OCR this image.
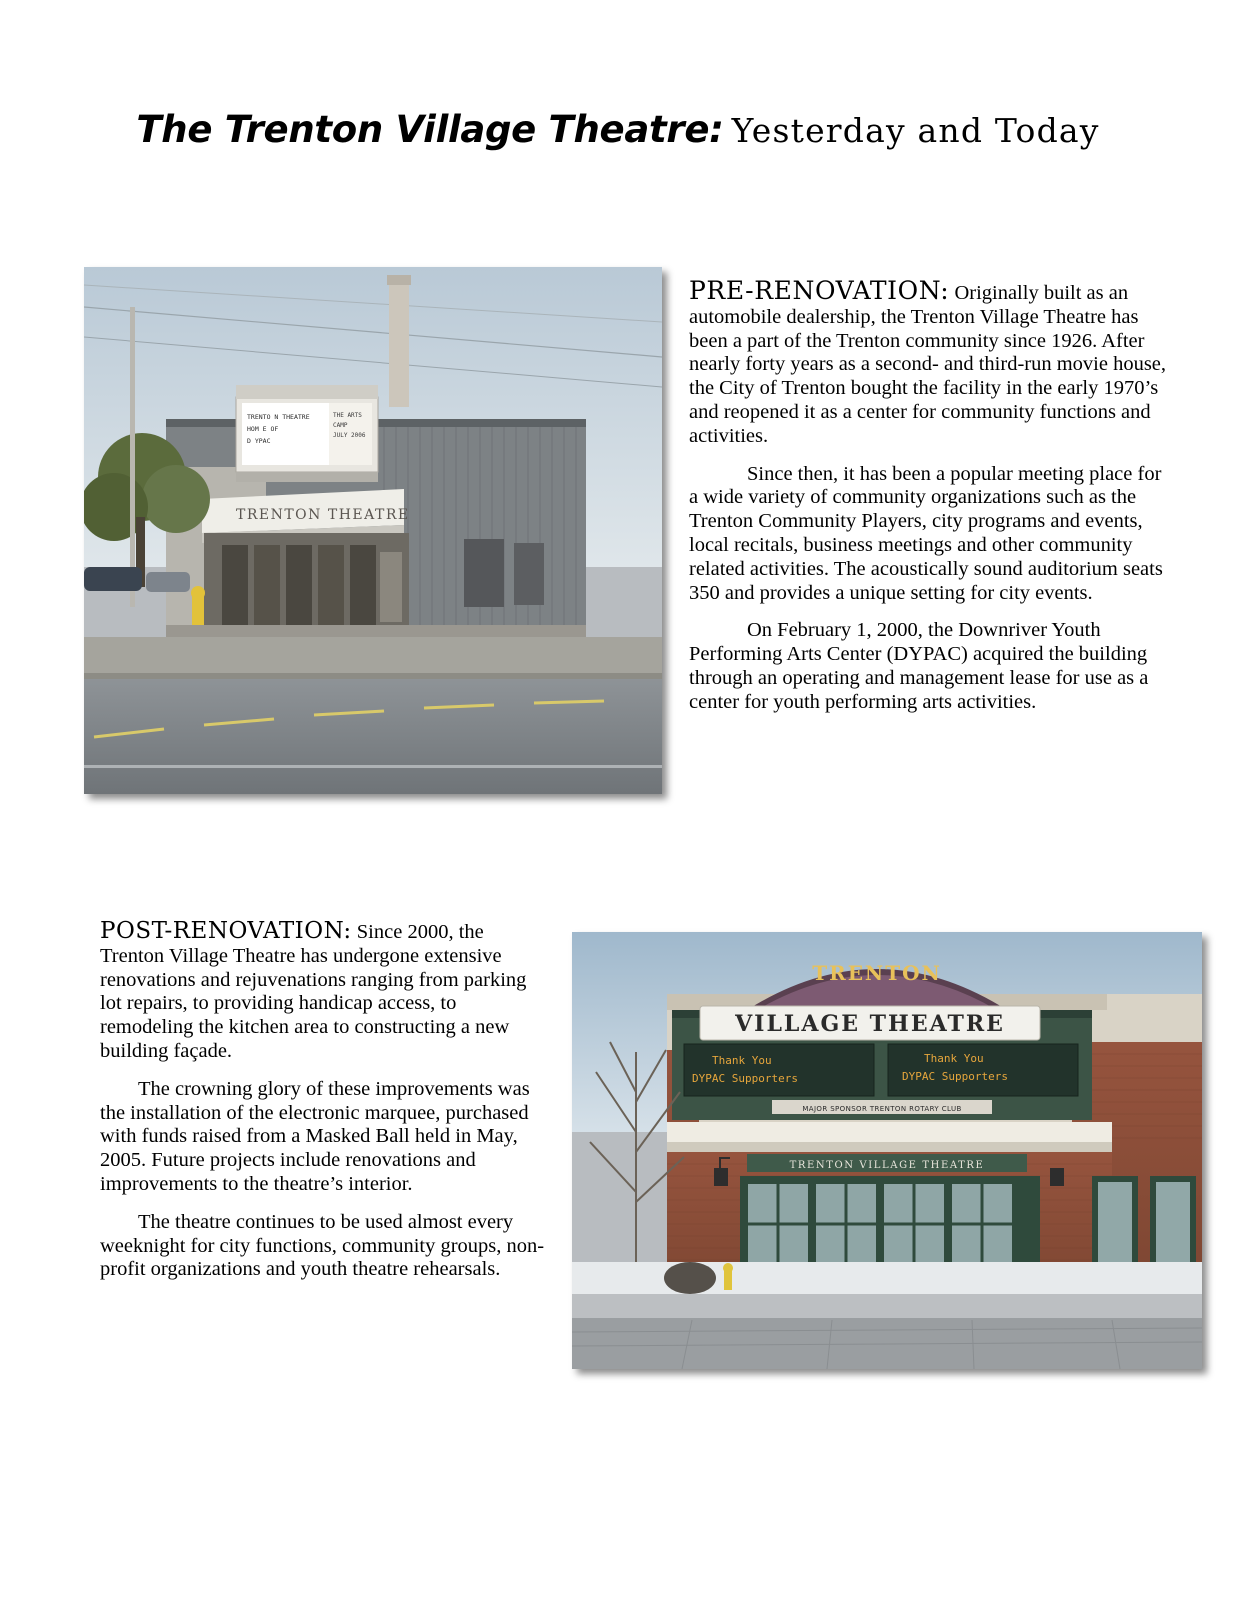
The Trenton Village Theatre: Yesterday and Today
TRENTO N THEATRE
HOM E OF
D YPAC
THE ARTS
CAMP
JULY 2006
TRENTON THEATRE

PRE-RENOVATION: Originally built as an automobile dealership, the Trenton Village Theatre has been a part of the Trenton community since 1926. After nearly forty years as a second- and third-run movie house, the City of Trenton bought the facility in the early 1970’s and reopened it as a center for community functions and activities.

Since then, it has been a popular meeting place for a wide variety of community organizations such as the Trenton Community Players, city programs and events, local recitals, business meetings and other community related activities. The acoustically sound auditorium seats 350 and provides a unique setting for city events.

On February 1, 2000, the Downriver Youth Performing Arts Center (DYPAC) acquired the building through an operating and management lease for use as a center for youth performing arts activities.

POST-RENOVATION: Since 2000, the Trenton Village Theatre has undergone extensive renovations and rejuvenations ranging from parking lot repairs, to providing handicap access, to remodeling the kitchen area to constructing a new building façade.

The crowning glory of these improvements was the installation of the electronic marquee, purchased with funds raised from a Masked Ball held in May, 2005. Future projects include renovations and improvements to the theatre’s interior.

The theatre continues to be used almost every weeknight for city functions, community groups, non-profit organizations and youth theatre rehearsals.

TRENTON
VILLAGE THEATRE
Thank You
DYPAC Supporters
Thank You
DYPAC Supporters
MAJOR SPONSOR TRENTON ROTARY CLUB
TRENTON VILLAGE THEATRE
